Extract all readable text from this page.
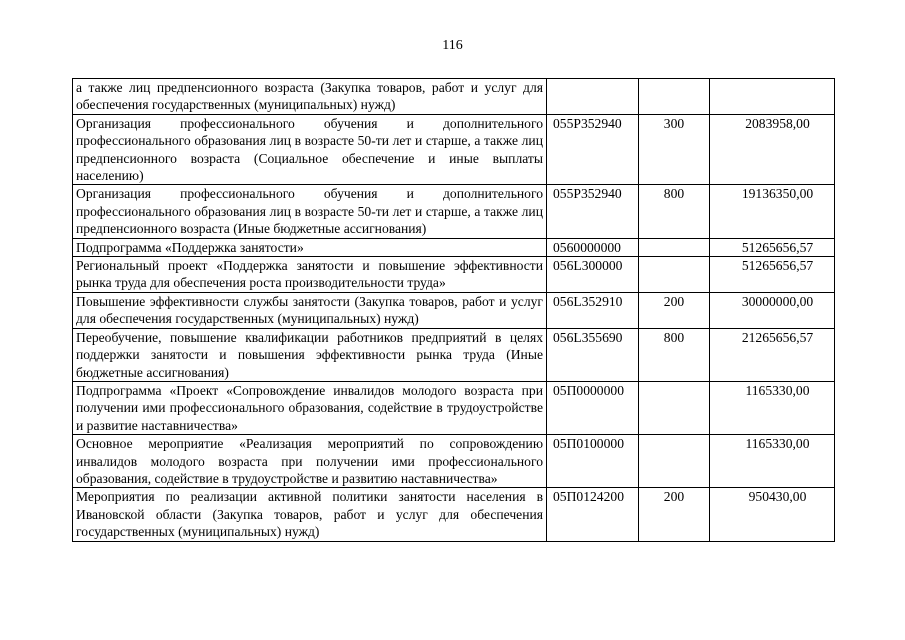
116
а также лиц предпенсионного возраста (Закупка товаров, работ и услуг для обеспечения государственных (муниципальных) нужд)			
Организация профессионального обучения и дополнительного профессионального образования лиц в возрасте 50-ти лет и старше, а также лиц предпенсионного возраста (Социальное обеспечение и иные выплаты населению)	055Р352940	300	2083958,00
Организация профессионального обучения и дополнительного профессионального образования лиц в возрасте 50-ти лет и старше, а также лиц предпенсионного возраста (Иные бюджетные ассигнования)	055Р352940	800	19136350,00
Подпрограмма «Поддержка занятости»	0560000000		51265656,57
Региональный проект «Поддержка занятости и повышение эффективности рынка труда для обеспечения роста производительности труда»	056L300000		51265656,57
Повышение эффективности службы занятости (Закупка товаров, работ и услуг для обеспечения государственных (муниципальных) нужд)	056L352910	200	30000000,00
Переобучение, повышение квалификации работников предприятий в целях поддержки занятости и повышения эффективности рынка труда (Иные бюджетные ассигнования)	056L355690	800	21265656,57
Подпрограмма «Проект «Сопровождение инвалидов молодого возраста при получении ими профессионального образования, содействие в трудоустройстве и развитие наставничества»	05П0000000		1165330,00
Основное мероприятие «Реализация мероприятий по сопровождению инвалидов молодого возраста при получении ими профессионального образования, содействие в трудоустройстве и развитию наставничества»	05П0100000		1165330,00
Мероприятия по реализации активной политики занятости населения в Ивановской области (Закупка товаров, работ и услуг для обеспечения государственных (муниципальных) нужд)	05П0124200	200	950430,00
